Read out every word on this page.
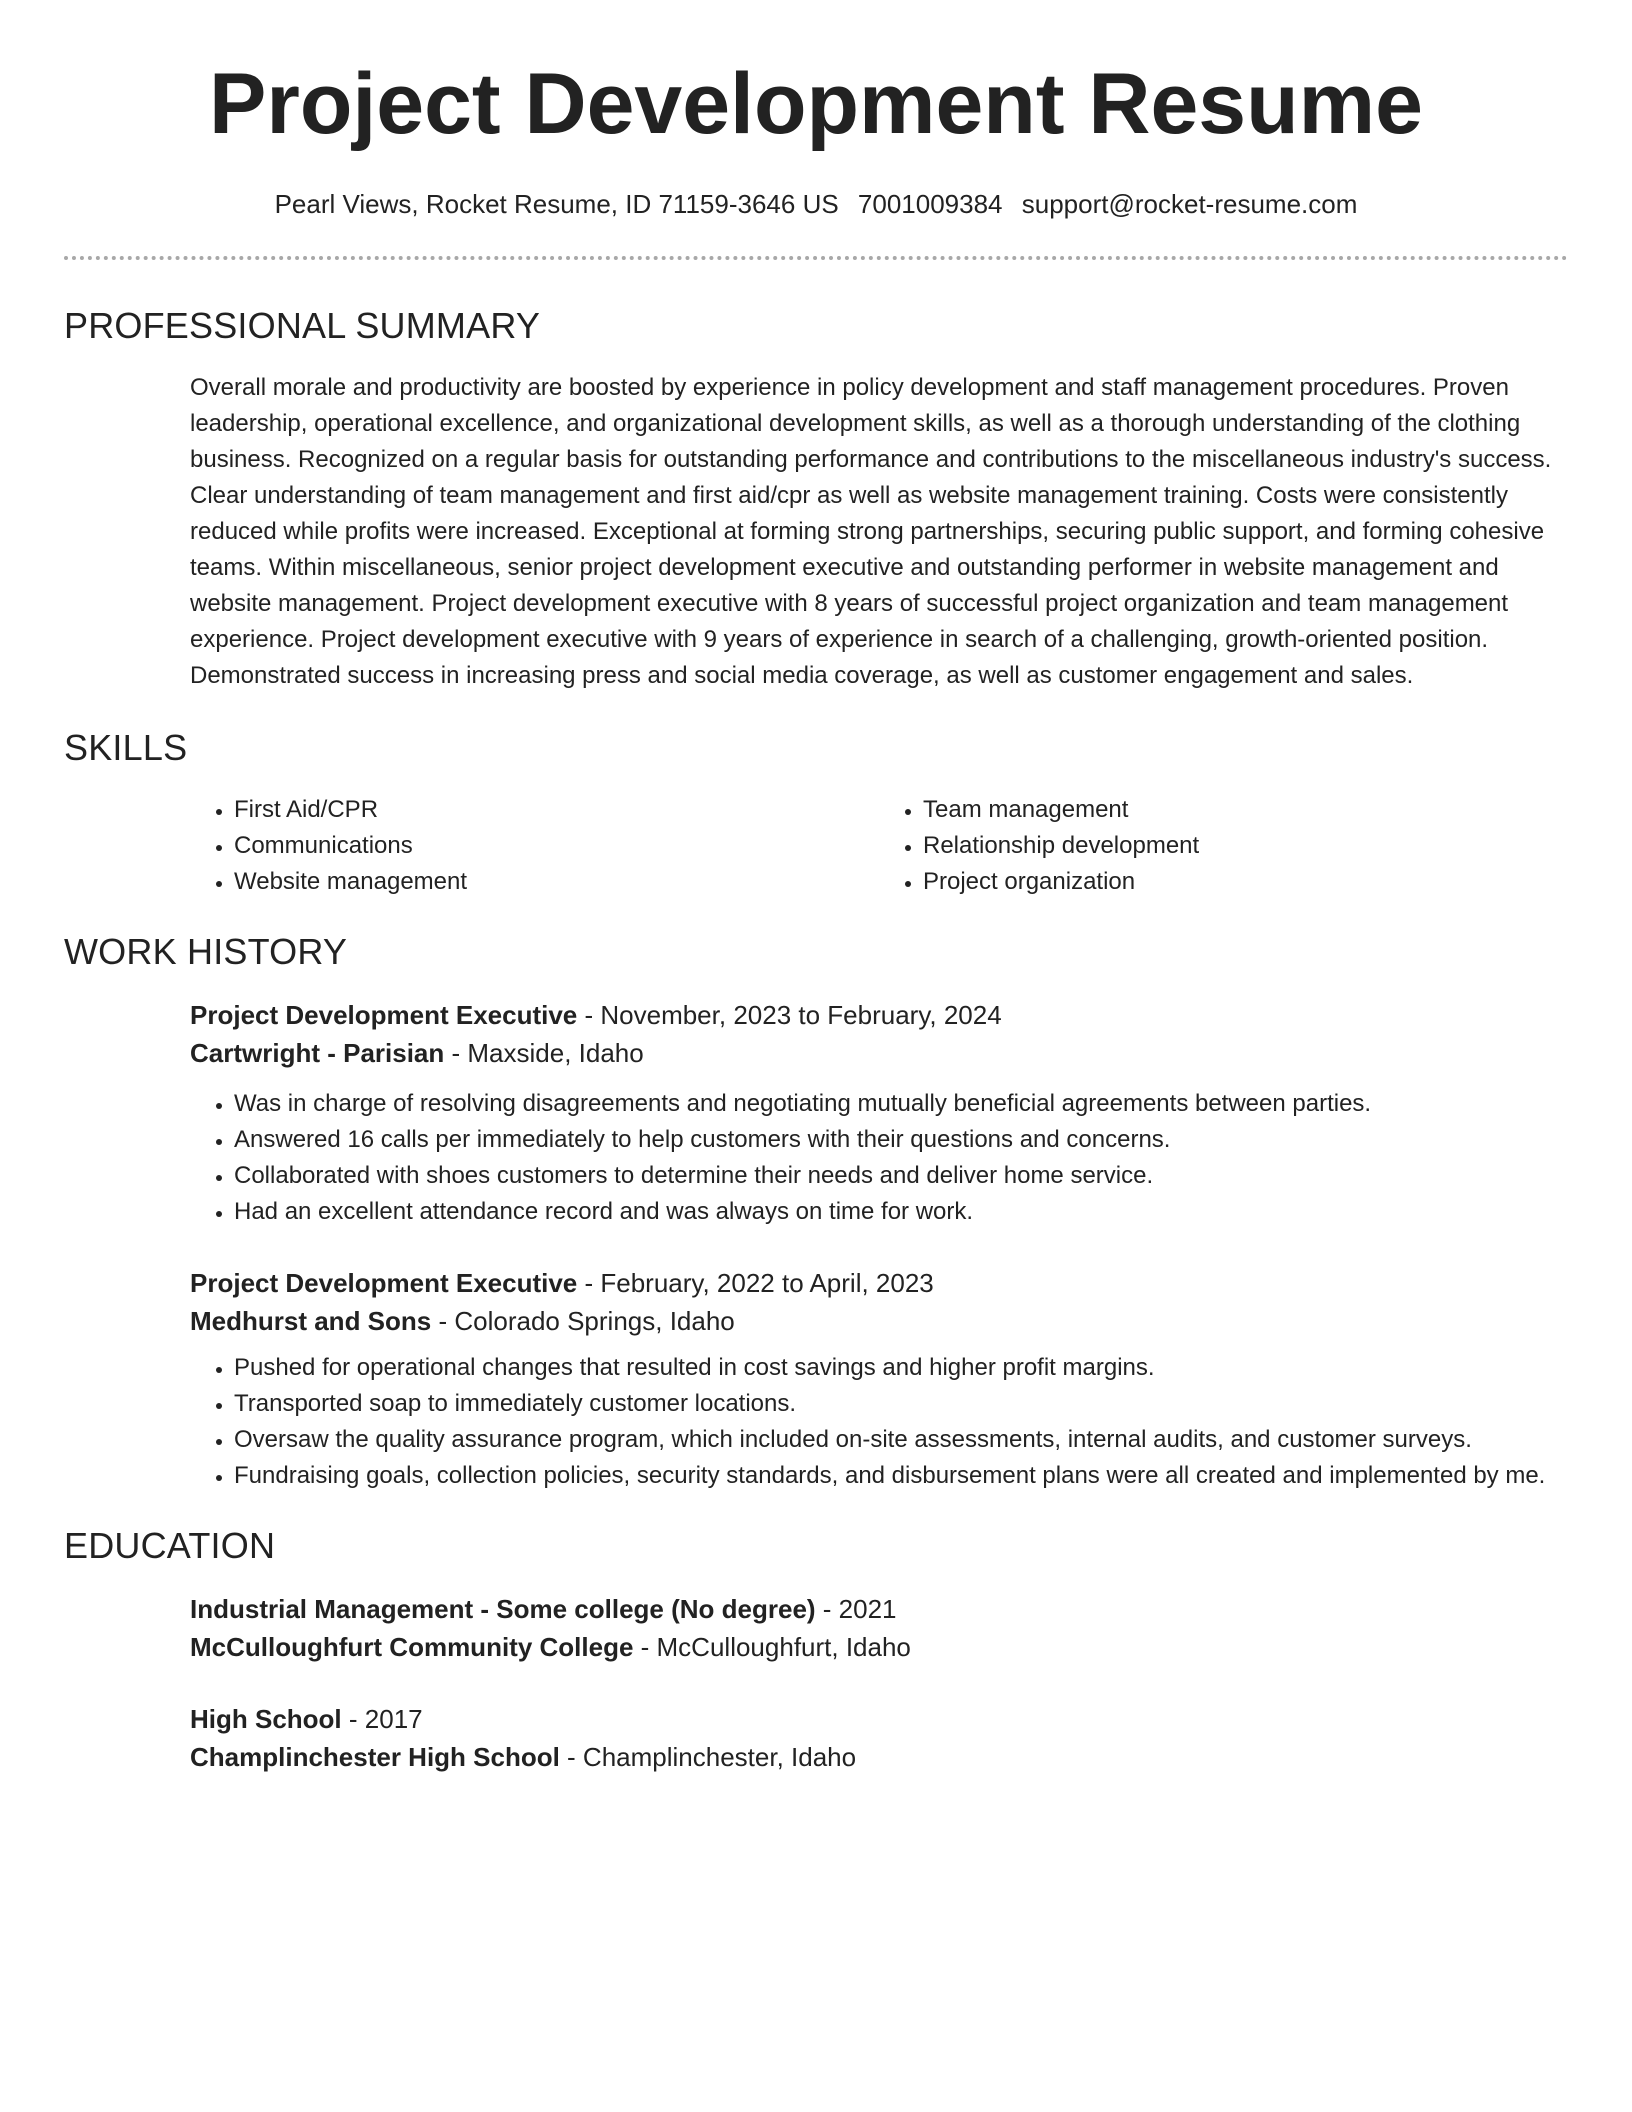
Project Development Resume
Pearl Views, Rocket Resume, ID 71159-3646 US 7001009384 support@rocket-resume.com
PROFESSIONAL SUMMARY

Overall morale and productivity are boosted by experience in policy development and staff management procedures. Proven leadership, operational excellence, and organizational development skills, as well as a thorough understanding of the clothing business. Recognized on a regular basis for outstanding performance and contributions to the miscellaneous industry's success. Clear understanding of team management and first aid/cpr as well as website management training. Costs were consistently reduced while profits were increased. Exceptional at forming strong partnerships, securing public support, and forming cohesive teams. Within miscellaneous, senior project development executive and outstanding performer in website management and website management. Project development executive with 8 years of successful project organization and team management experience. Project development executive with 9 years of experience in search of a challenging, growth-oriented position. Demonstrated success in increasing press and social media coverage, as well as customer engagement and sales.

SKILLS
• First Aid/CPR
• Communications
• Website management
• Team management
• Relationship development
• Project organization
WORK HISTORY
Project Development Executive - November, 2023 to February, 2024
Cartwright - Parisian - Maxside, Idaho
• Was in charge of resolving disagreements and negotiating mutually beneficial agreements between parties.
• Answered 16 calls per immediately to help customers with their questions and concerns.
• Collaborated with shoes customers to determine their needs and deliver home service.
• Had an excellent attendance record and was always on time for work.
Project Development Executive - February, 2022 to April, 2023
Medhurst and Sons - Colorado Springs, Idaho
• Pushed for operational changes that resulted in cost savings and higher profit margins.
• Transported soap to immediately customer locations.
• Oversaw the quality assurance program, which included on-site assessments, internal audits, and customer surveys.
• Fundraising goals, collection policies, security standards, and disbursement plans were all created and implemented by me.
EDUCATION
Industrial Management - Some college (No degree) - 2021
McCulloughfurt Community College - McCulloughfurt, Idaho
High School - 2017
Champlinchester High School - Champlinchester, Idaho
